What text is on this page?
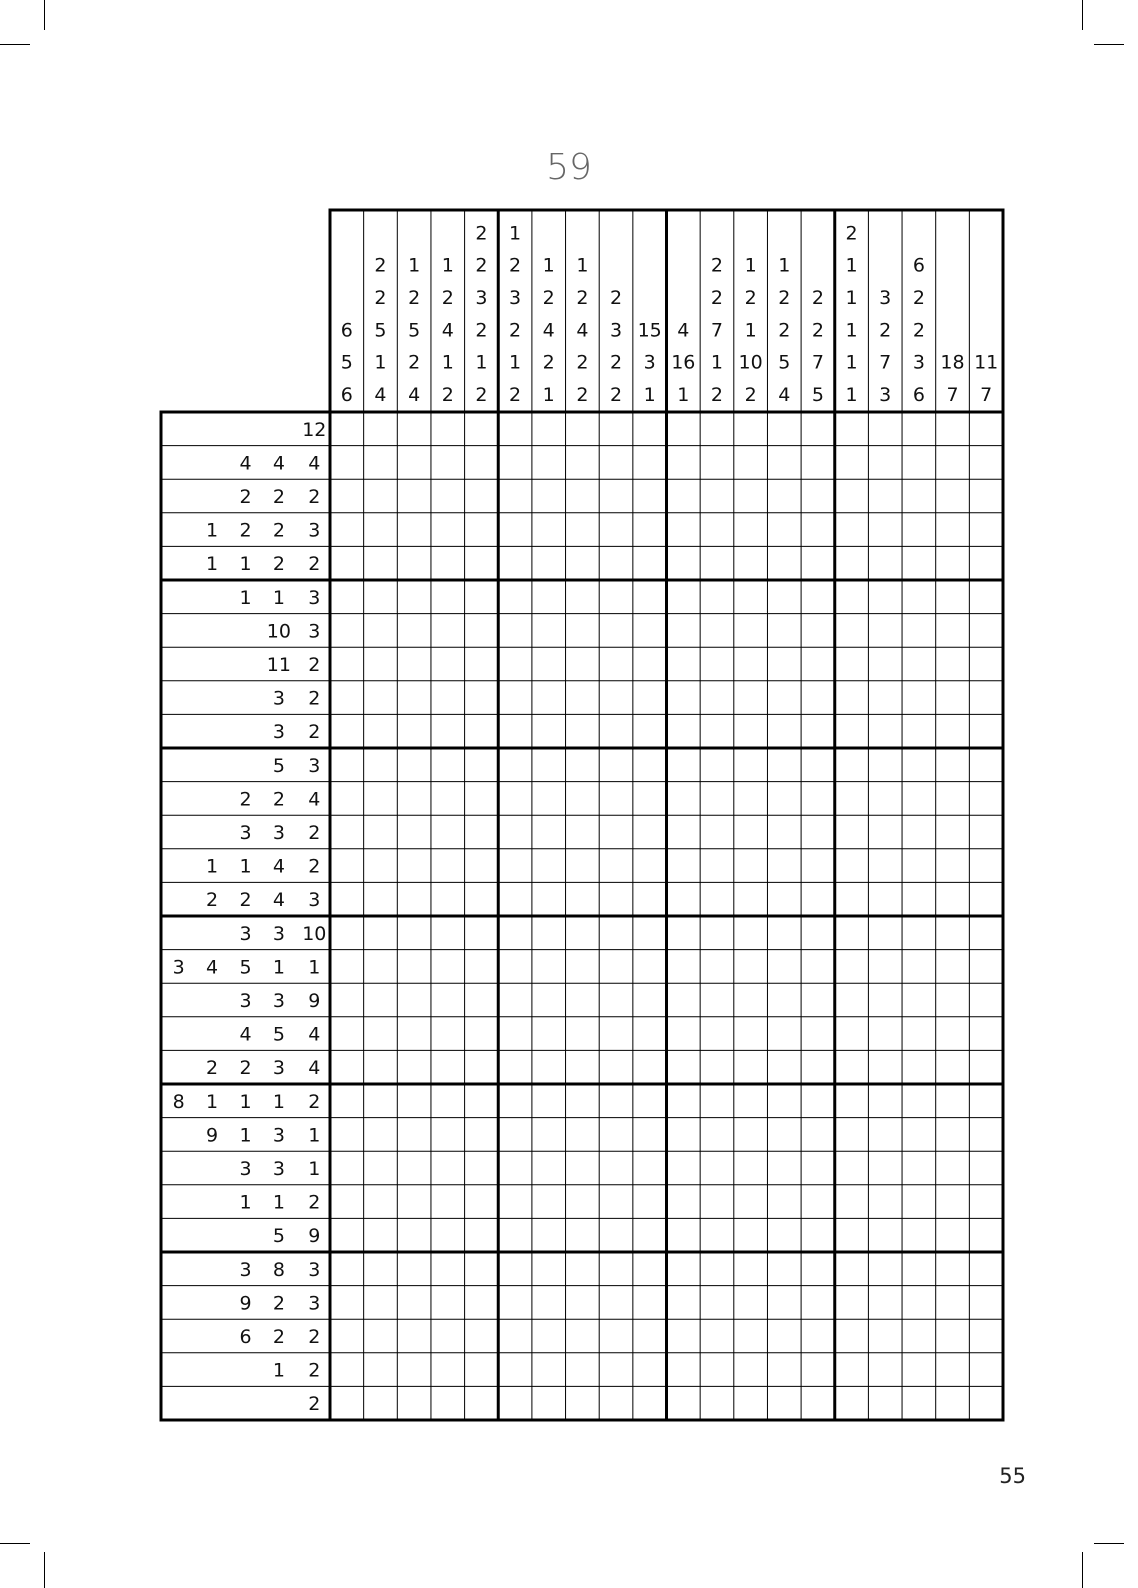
59
6
5
6
2
2
5
1
4
1
2
5
2
4
1
2
4
1
2
2
2
3
2
1
2
1
2
3
2
1
2
1
2
4
2
1
1
2
4
2
2
2
3
2
2
15
3
1
4
16
1
2
2
7
1
2
1
2
1
10
2
1
2
2
5
4
2
2
7
5
2
1
1
1
1
1
3
2
7
3
6
2
2
3
6
18
7
11
7
12
4 4 4
2 2 2
1 2 2 3
1 1 2 2
1 1 3
10 3
11 2
3 2
3 2
5 3
2 2 4
3 3 2
1 1 4 2
2 2 4 3
3 3 10
3 4 5 1 1
3 3 9
4 5 4
2 2 3 4
8 1 1 1 2
9 1 3 1
3 3 1
1 1 2
5 9
3 8 3
9 2 3
6 2 2
1 2
2
55
